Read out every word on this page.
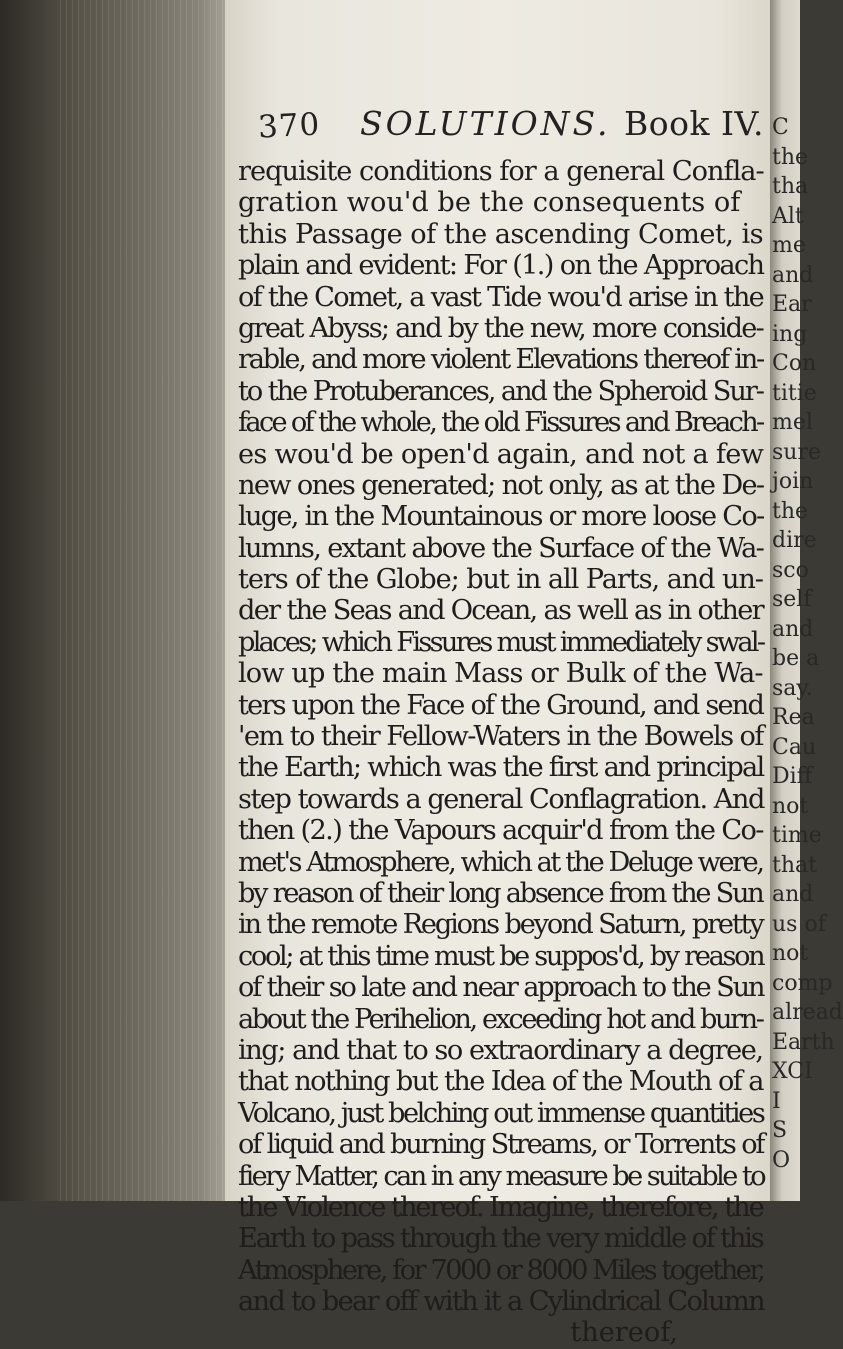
C
the
tha
Alt
me
and
Ear
ing
Con
titie
mel
sure
join
the
dire
sco
self
and
be a
say.
Rea
Cau
Diff
not
time
that
and
us of
not
comp
alread
Earth
XCI
I
S
O
370 SOLUTIONS. Book IV.
requisite conditions for a general Confla-
gration wou'd be the consequents of
this Passage of the ascending Comet, is
plain and evident: For (1.) on the Approach
of the Comet, a vast Tide wou'd arise in the
great Abyss; and by the new, more conside-
rable, and more violent Elevations thereof in-
to the Protuberances, and the Spheroid Sur-
face of the whole, the old Fissures and Breach-
es wou'd be open'd again, and not a few
new ones generated; not only, as at the De-
luge, in the Mountainous or more loose Co-
lumns, extant above the Surface of the Wa-
ters of the Globe; but in all Parts, and un-
der the Seas and Ocean, as well as in other
places; which Fissures must immediately swal-
low up the main Mass or Bulk of the Wa-
ters upon the Face of the Ground, and send
'em to their Fellow-Waters in the Bowels of
the Earth; which was the first and principal
step towards a general Conflagration. And
then (2.) the Vapours acquir'd from the Co-
met's Atmosphere, which at the Deluge were,
by reason of their long absence from the Sun
in the remote Regions beyond Saturn, pretty
cool; at this time must be suppos'd, by reason
of their so late and near approach to the Sun
about the Perihelion, exceeding hot and burn-
ing; and that to so extraordinary a degree,
that nothing but the Idea of the Mouth of a
Volcano, just belching out immense quantities
of liquid and burning Streams, or Torrents of
fiery Matter, can in any measure be suitable to
the Violence thereof. Imagine, therefore, the
Earth to pass through the very middle of this
Atmosphere, for 7000 or 8000 Miles together,
and to bear off with it a Cylindrical Column
thereof,
